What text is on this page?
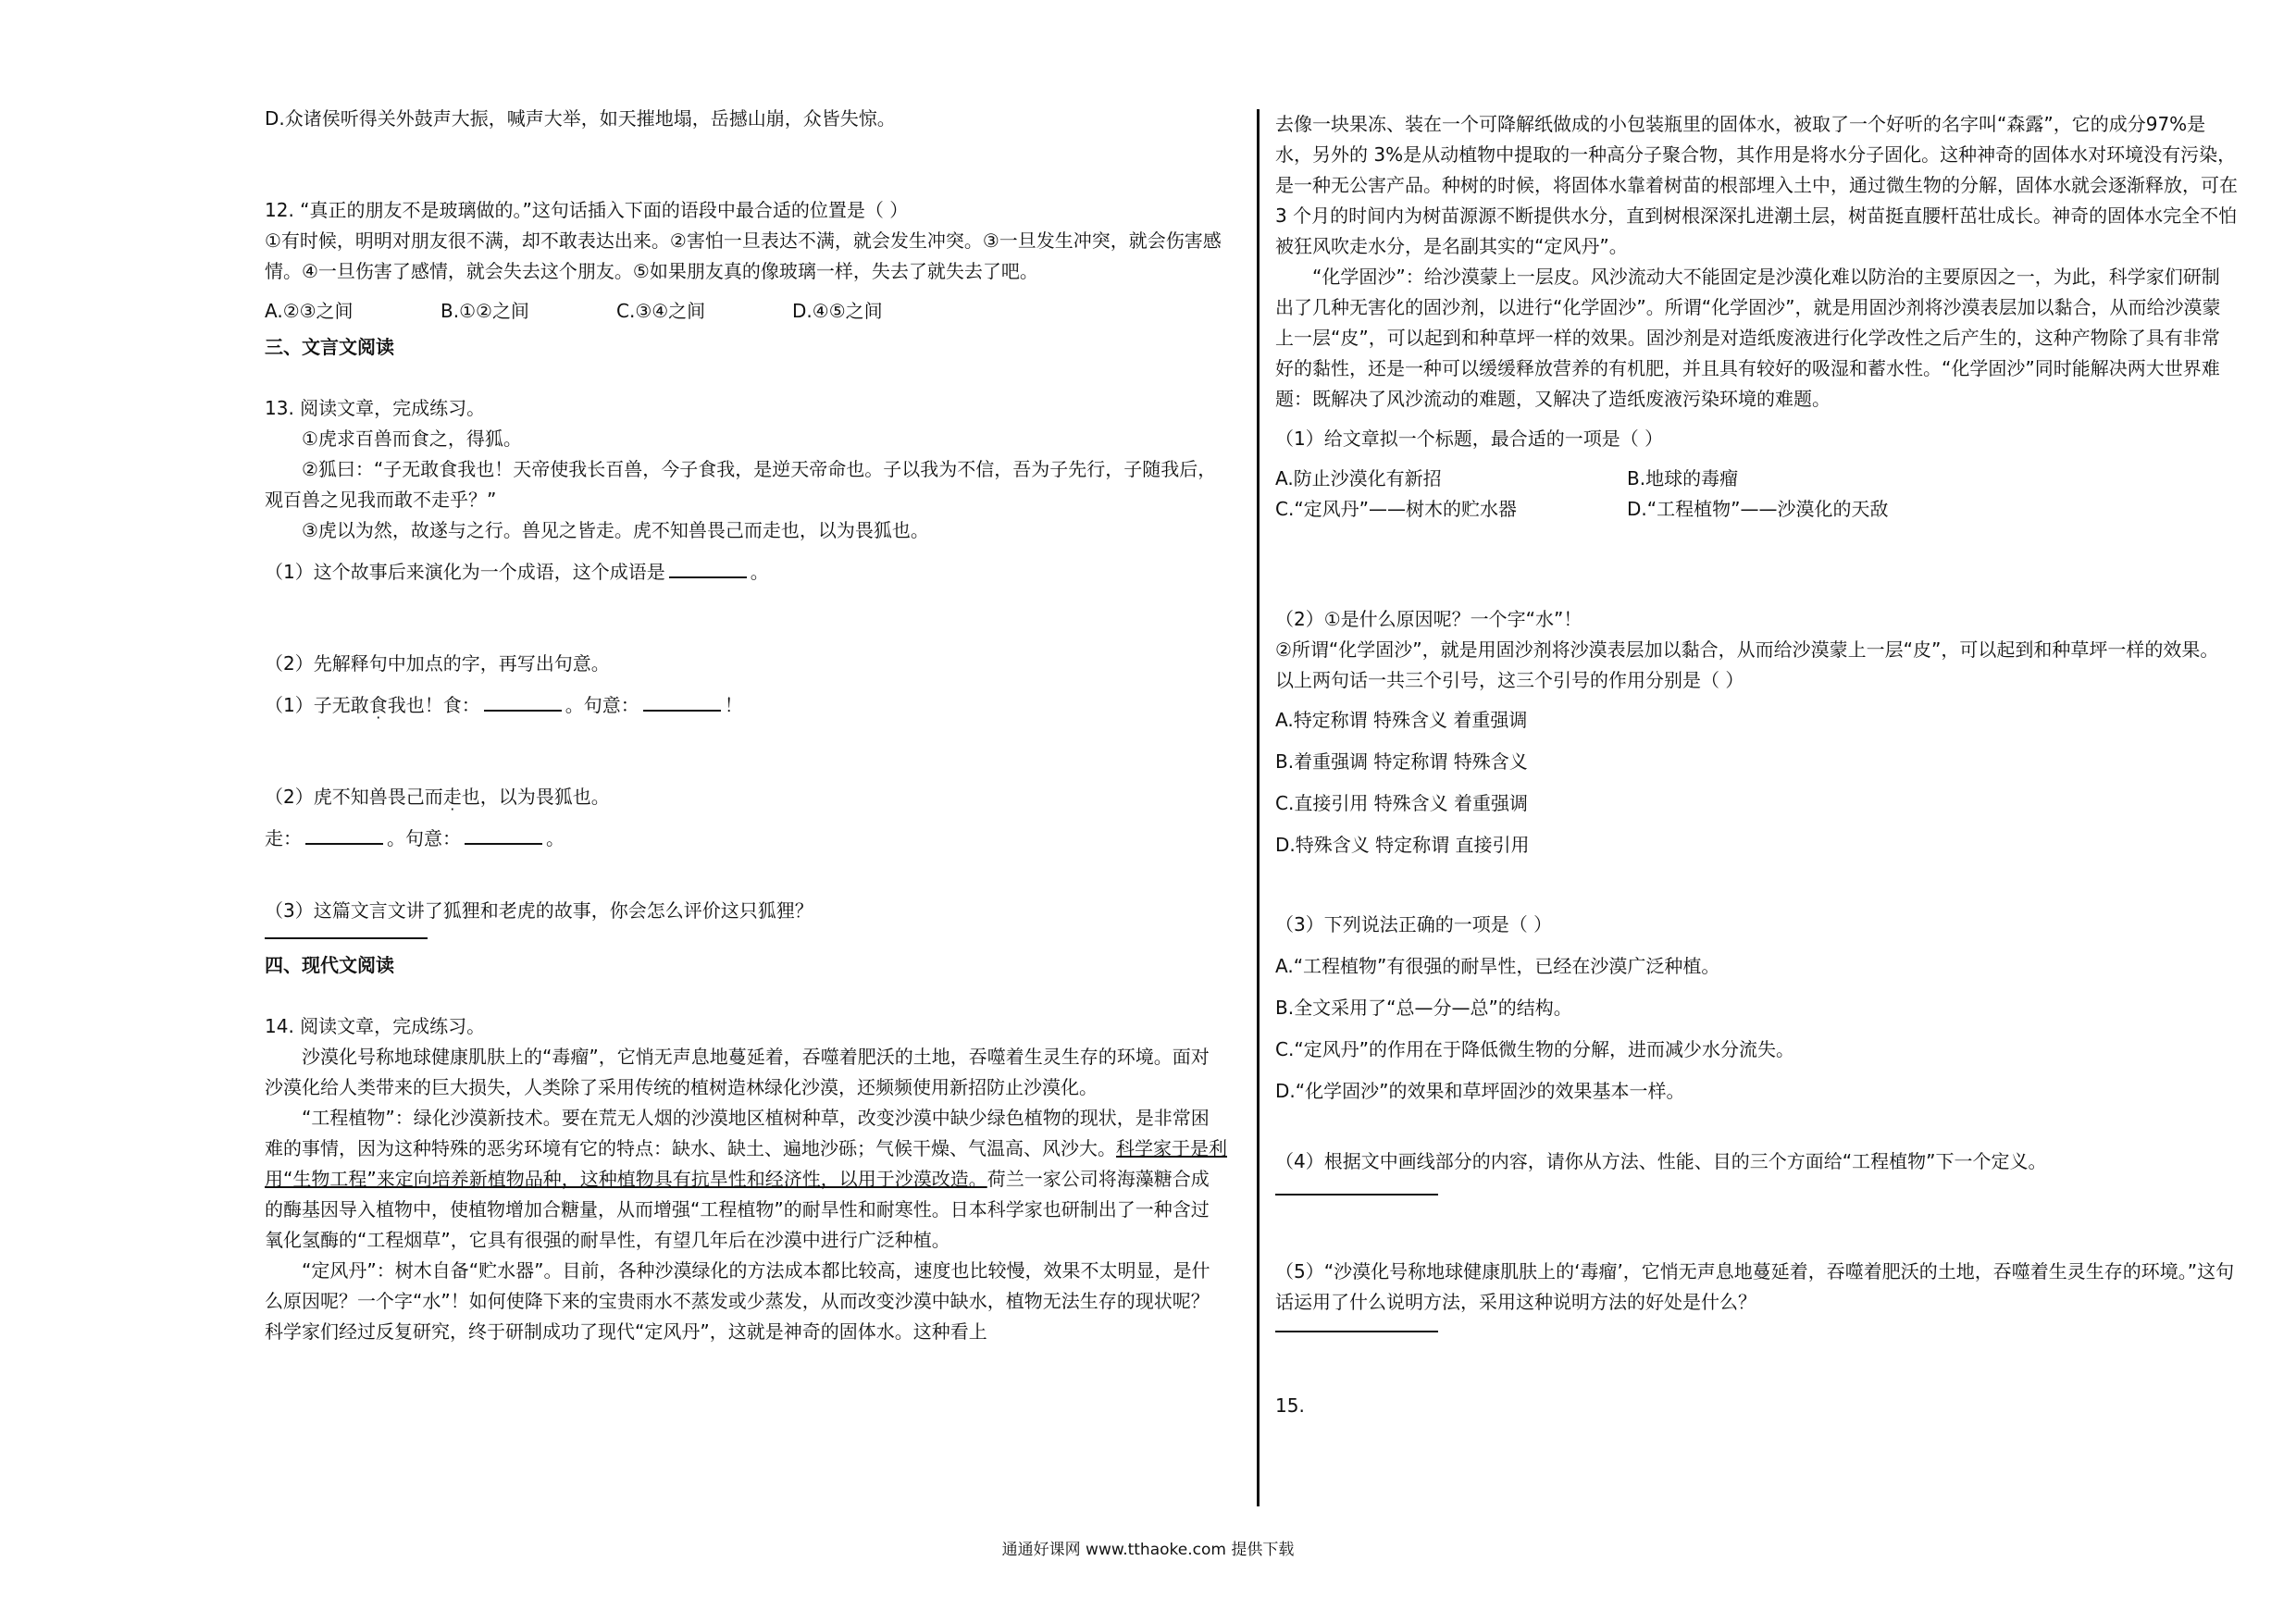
D.众诸侯听得关外鼓声大振，喊声大举，如天摧地塌，岳撼山崩，众皆失惊。

12. “真正的朋友不是玻璃做的。”这句话插入下面的语段中最合适的位置是（ ）

①有时候，明明对朋友很不满，却不敢表达出来。②害怕一旦表达不满，就会发生冲突。③一旦发生冲突，就会伤害感情。④一旦伤害了感情，就会失去这个朋友。⑤如果朋友真的像玻璃一样，失去了就失去了吧。

A.②③之间	B.①②之间	C.③④之间	D.④⑤之间

三、文言文阅读

13. 阅读文章，完成练习。

①虎求百兽而食之，得狐。

②狐曰：“子无敢食我也！天帝使我长百兽，今子食我，是逆天帝命也。子以我为不信，吾为子先行，子随我后，观百兽之见我而敢不走乎？”

③虎以为然，故遂与之行。兽见之皆走。虎不知兽畏己而走也，以为畏狐也。

（1）这个故事后来演化为一个成语，这个成语是	。

（2）先解释句中加点的字，再写出句意。

（1）子无敢食我也！食：	。句意：	！

（2）虎不知兽畏己而走也，以为畏狐也。

走：	。句意：	。

（3）这篇文言文讲了狐狸和老虎的故事，你会怎么评价这只狐狸？

四、现代文阅读

14. 阅读文章，完成练习。

沙漠化号称地球健康肌肤上的“毒瘤”，它悄无声息地蔓延着，吞噬着肥沃的土地，吞噬着生灵生存的环境。面对沙漠化给人类带来的巨大损失，人类除了采用传统的植树造林绿化沙漠，还频频使用新招防止沙漠化。

“工程植物”：绿化沙漠新技术。要在荒无人烟的沙漠地区植树种草，改变沙漠中缺少绿色植物的现状，是非常困难的事情，因为这种特殊的恶劣环境有它的特点：缺水、缺土、遍地沙砾；气候干燥、气温高、风沙大。科学家于是利用“生物工程”来定向培养新植物品种，这种植物具有抗旱性和经济性，以用于沙漠改造。荷兰一家公司将海藻糖合成的酶基因导入植物中，使植物增加合糖量，从而增强“工程植物”的耐旱性和耐寒性。日本科学家也研制出了一种含过氧化氢酶的“工程烟草”，它具有很强的耐旱性，有望几年后在沙漠中进行广泛种植。

“定风丹”：树木自备“贮水器”。目前，各种沙漠绿化的方法成本都比较高，速度也比较慢，效果不太明显，是什么原因呢？一个字“水”！如何使降下来的宝贵雨水不蒸发或少蒸发，从而改变沙漠中缺水，植物无法生存的现状呢？科学家们经过反复研究，终于研制成功了现代“定风丹”，这就是神奇的固体水。这种看上

去像一块果冻、装在一个可降解纸做成的小包装瓶里的固体水，被取了一个好听的名字叫“森露”，它的成分97%是水，另外的 3%是从动植物中提取的一种高分子聚合物，其作用是将水分子固化。这种神奇的固体水对环境没有污染，是一种无公害产品。种树的时候，将固体水靠着树苗的根部埋入土中，通过微生物的分解，固体水就会逐渐释放，可在 3 个月的时间内为树苗源源不断提供水分，直到树根深深扎进潮土层，树苗挺直腰杆茁壮成长。神奇的固体水完全不怕被狂风吹走水分，是名副其实的“定风丹”。

“化学固沙”：给沙漠蒙上一层皮。风沙流动大不能固定是沙漠化难以防治的主要原因之一，为此，科学家们研制出了几种无害化的固沙剂，以进行“化学固沙”。所谓“化学固沙”，就是用固沙剂将沙漠表层加以黏合，从而给沙漠蒙上一层“皮”，可以起到和种草坪一样的效果。固沙剂是对造纸废液进行化学改性之后产生的，这种产物除了具有非常好的黏性，还是一种可以缓缓释放营养的有机肥，并且具有较好的吸湿和蓄水性。“化学固沙”同时能解决两大世界难题：既解决了风沙流动的难题，又解决了造纸废液污染环境的难题。

（1）给文章拟一个标题，最合适的一项是（ ）

A.防止沙漠化有新招	B.地球的毒瘤
C.“定风丹”——树木的贮水器	D.“工程植物”——沙漠化的天敌

（2）①是什么原因呢？一个字“水”！

②所谓“化学固沙”，就是用固沙剂将沙漠表层加以黏合，从而给沙漠蒙上一层“皮”，可以起到和种草坪一样的效果。

以上两句话一共三个引号，这三个引号的作用分别是（ ）

A.特定称谓 特殊含义 着重强调

B.着重强调 特定称谓 特殊含义

C.直接引用 特殊含义 着重强调

D.特殊含义 特定称谓 直接引用

（3）下列说法正确的一项是（ ）

A.“工程植物”有很强的耐旱性，已经在沙漠广泛种植。

B.全文采用了“总—分—总”的结构。

C.“定风丹”的作用在于降低微生物的分解，进而减少水分流失。

D.“化学固沙”的效果和草坪固沙的效果基本一样。

（4）根据文中画线部分的内容，请你从方法、性能、目的三个方面给“工程植物”下一个定义。

（5）“沙漠化号称地球健康肌肤上的‘毒瘤’，它悄无声息地蔓延着，吞噬着肥沃的土地，吞噬着生灵生存的环境。”这句话运用了什么说明方法，采用这种说明方法的好处是什么？

15.

通通好课网 www.tthaoke.com 提供下载
